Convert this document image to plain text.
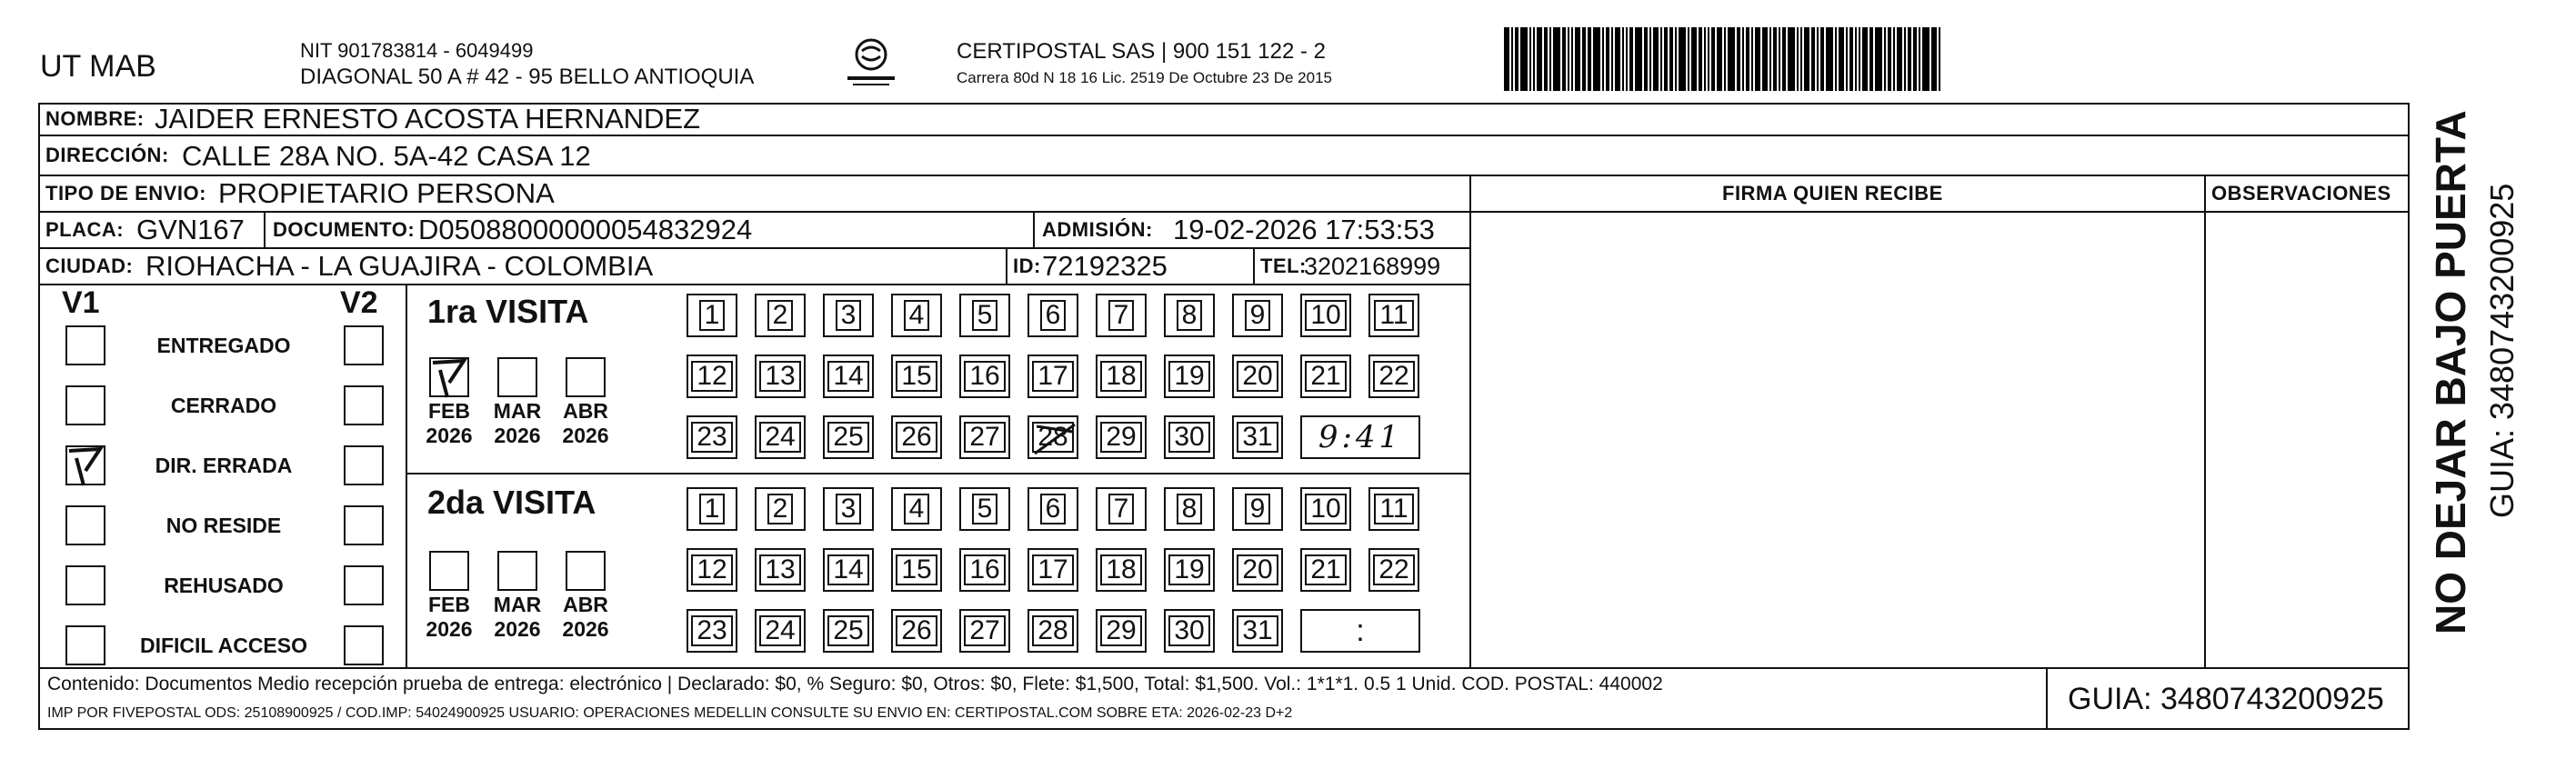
UT MAB	NIT 901783814 - 6049499
DIAGONAL 50 A # 42 - 95 BELLO ANTIOQUIA
CERTIPOSTAL SAS | 900 151 122 - 2
Carrera 80d N 18 16 Lic. 2519 De Octubre 23 De 2015
NOMBRE: JAIDER ERNESTO ACOSTA HERNANDEZ
DIRECCIÓN: CALLE 28A NO. 5A-42 CASA 12
TIPO DE ENVIO: PROPIETARIO PERSONA	FIRMA QUIEN RECIBE	OBSERVACIONES
PLACA: GVN167 DOCUMENTO: D05088000000054832924	ADMISIÓN: 19-02-2026 17:53:53
CIUDAD: RIOHACHA - LA GUAJIRA - COLOMBIA	ID: 72192325	TEL:
3202168999
V1	V2
ENTREGADO
CERRADO
DIR. ERRADA
NO RESIDE
REHUSADO
DIFICIL ACCESO
1ra VISITA
2da VISITA
FEB
2026
MAR
2026
ABR
2026
1 2 3 4 5 6 7 8 9 10 11
12 13 14 15 16 17 18 19 20 21 22
23 24 25 26 27 28 29 30 31	9:41
FEB
2026
MAR
2026
ABR
2026
1 2 3 4 5 6 7 8 9 10 11
12 13 14 15 16 17 18 19 20 21 22
23 24 25 26 27 28 29 30 31	:
Contenido: Documentos Medio recepción prueba de entrega: electrónico | Declarado: $0, % Seguro: $0, Otros: $0, Flete: $1,500, Total: $1,500. Vol.: 1*1*1. 0.5 1 Unid. COD. POSTAL: 440002
IMP POR FIVEPOSTAL ODS: 25108900925 / COD.IMP: 54024900925 USUARIO: OPERACIONES MEDELLIN CONSULTE SU ENVIO EN: CERTIPOSTAL.COM SOBRE ETA: 2026-02-23 D+2	GUIA: 3480743200925
NO DEJAR BAJO PUERTA GUIA: 3480743200925
